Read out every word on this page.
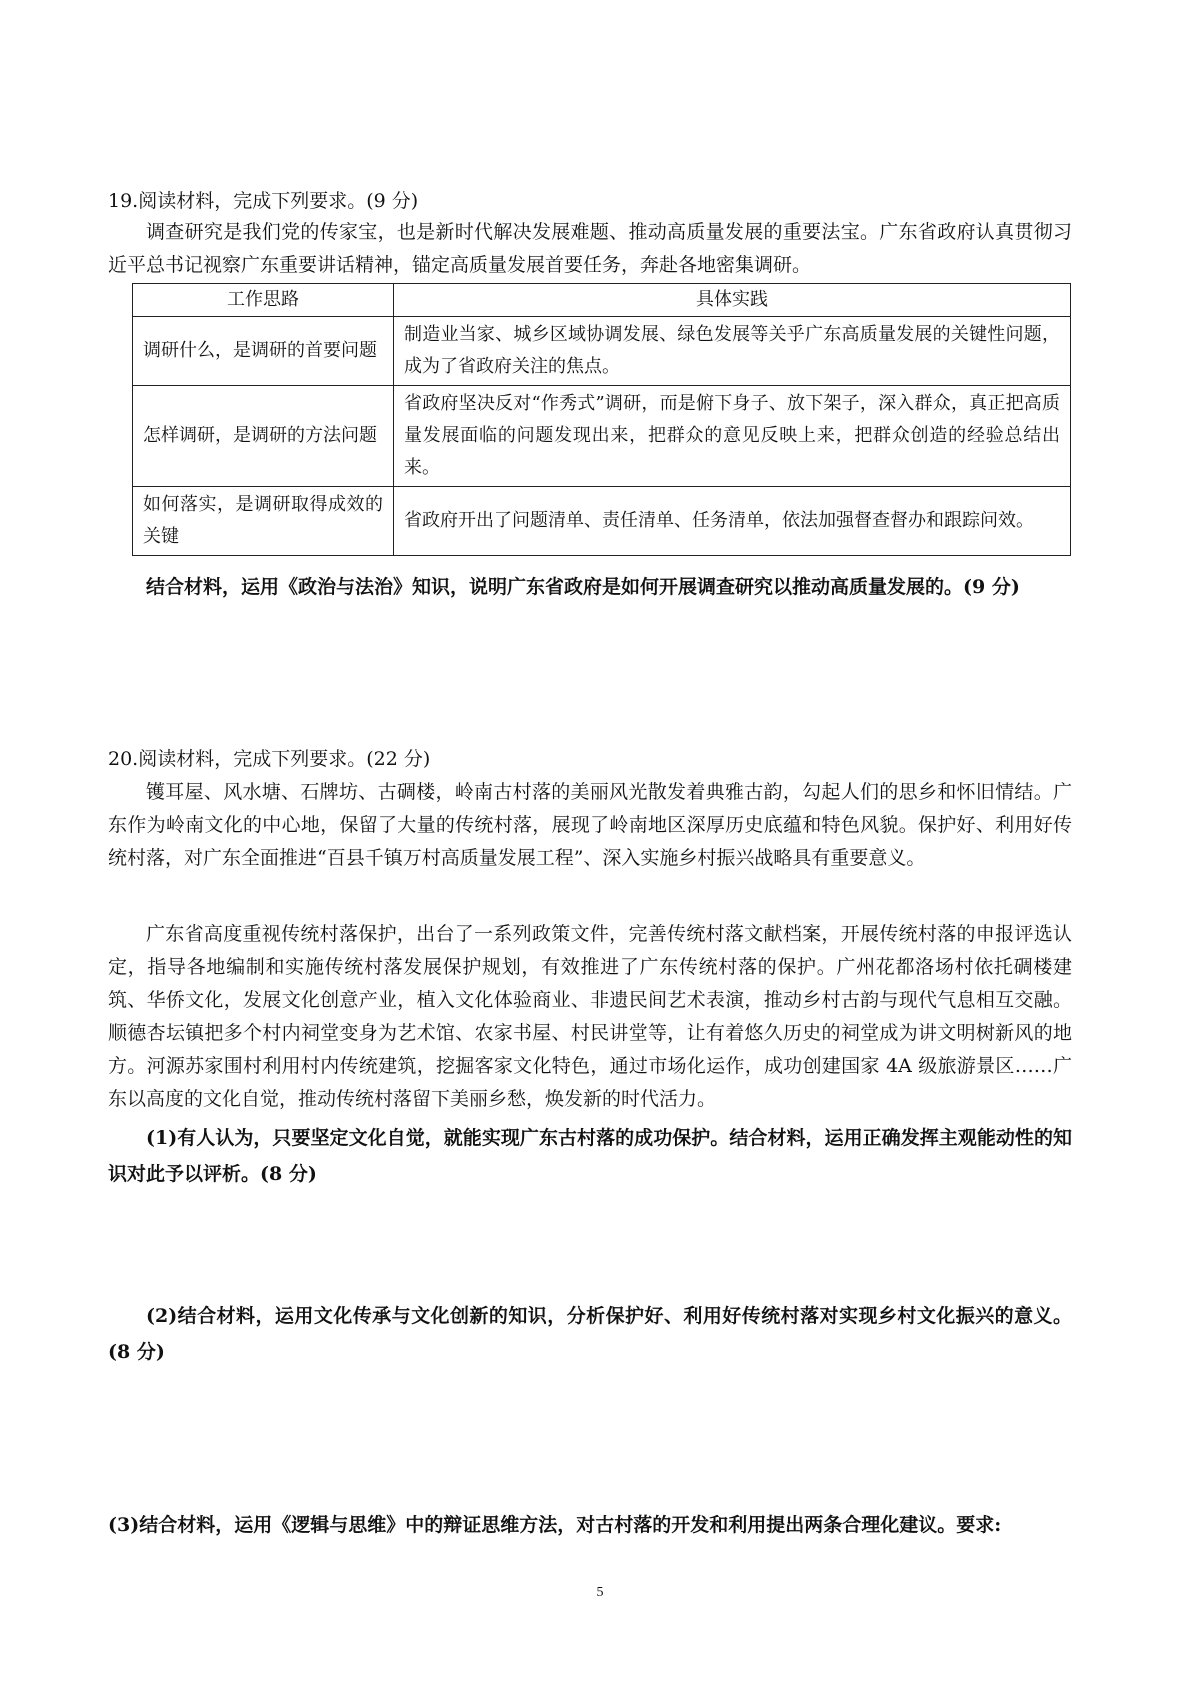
19.阅读材料，完成下列要求。(9 分)
调查研究是我们党的传家宝，也是新时代解决发展难题、推动高质量发展的重要法宝。广东省政府认真贯彻习近平总书记视察广东重要讲话精神，锚定高质量发展首要任务，奔赴各地密集调研。
工作思路	具体实践
调研什么，是调研的首要问题	制造业当家、城乡区域协调发展、绿色发展等关乎广东高质量发展的关键性问题，成为了省政府关注的焦点。
怎样调研，是调研的方法问题	省政府坚决反对“作秀式”调研，而是俯下身子、放下架子，深入群众，真正把高质量发展面临的问题发现出来，把群众的意见反映上来，把群众创造的经验总结出来。
如何落实，是调研取得成效的关键	省政府开出了问题清单、责任清单、任务清单，依法加强督查督办和跟踪问效。
结合材料，运用《政治与法治》知识，说明广东省政府是如何开展调查研究以推动高质量发展的。(9 分)
20.阅读材料，完成下列要求。(22 分)
镬耳屋、风水塘、石牌坊、古碉楼，岭南古村落的美丽风光散发着典雅古韵，勾起人们的思乡和怀旧情结。广东作为岭南文化的中心地，保留了大量的传统村落，展现了岭南地区深厚历史底蕴和特色风貌。保护好、利用好传统村落，对广东全面推进“百县千镇万村高质量发展工程”、深入实施乡村振兴战略具有重要意义。
广东省高度重视传统村落保护，出台了一系列政策文件，完善传统村落文献档案，开展传统村落的申报评选认定，指导各地编制和实施传统村落发展保护规划，有效推进了广东传统村落的保护。广州花都洛场村依托碉楼建筑、华侨文化，发展文化创意产业，植入文化体验商业、非遗民间艺术表演，推动乡村古韵与现代气息相互交融。顺德杏坛镇把多个村内祠堂变身为艺术馆、农家书屋、村民讲堂等，让有着悠久历史的祠堂成为讲文明树新风的地方。河源苏家围村利用村内传统建筑，挖掘客家文化特色，通过市场化运作，成功创建国家 4A 级旅游景区……广东以高度的文化自觉，推动传统村落留下美丽乡愁，焕发新的时代活力。
(1)有人认为，只要坚定文化自觉，就能实现广东古村落的成功保护。结合材料，运用正确发挥主观能动性的知识对此予以评析。(8 分)
(2)结合材料，运用文化传承与文化创新的知识，分析保护好、利用好传统村落对实现乡村文化振兴的意义。(8 分)
(3)结合材料，运用《逻辑与思维》中的辩证思维方法，对古村落的开发和利用提出两条合理化建议。要求:
5
